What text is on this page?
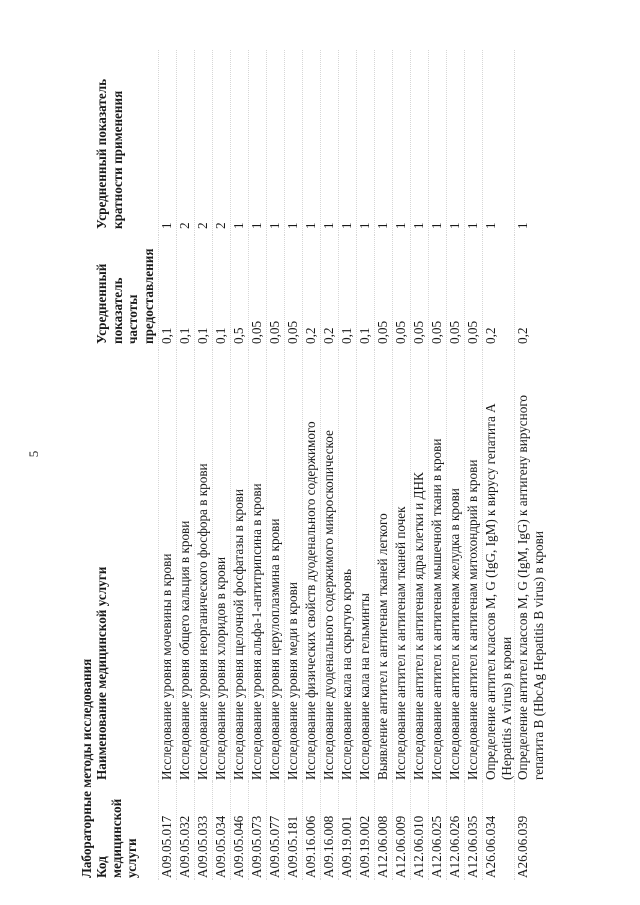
5
Лабораторные методы исследования Код медицинской услуги	Наименование медицинской услуги	Усредненный показатель частоты предоставления	Усредненный показатель кратности применения
A09.05.017	Исследование уровня мочевины в крови	0,1	1
A09.05.032	Исследование уровня общего кальция в крови	0,1	2
A09.05.033	Исследование уровня неорганического фосфора в крови	0,1	2
A09.05.034	Исследование уровня хлоридов в крови	0,1	2
A09.05.046	Исследование уровня щелочной фосфатазы в крови	0,5	1
A09.05.073	Исследование уровня альфа-1-антитрипсина в крови	0,05	1
A09.05.077	Исследование уровня церулоплазмина в крови	0,05	1
A09.05.181	Исследование уровня меди в крови	0,05	1
A09.16.006	Исследование физических свойств дуоденального содержимого	0,2	1
A09.16.008	Исследование дуоденального содержимого микроскопическое	0,2	1
A09.19.001	Исследование кала на скрытую кровь	0,1	1
A09.19.002	Исследование кала на гельминты	0,1	1
A12.06.008	Выявление антител к антигенам тканей легкого	0,05	1
A12.06.009	Исследование антител к антигенам тканей почек	0,05	1
A12.06.010	Исследование антител к антигенам ядра клетки и ДНК	0,05	1
A12.06.025	Исследование антител к антигенам мышечной ткани в крови	0,05	1
A12.06.026	Исследование антител к антигенам желудка в крови	0,05	1
A12.06.035	Исследование антител к антигенам митохондрий в крови	0,05	1
A26.06.034	Определение антител классов M, G (IgG, IgM) к вирусу гепатита A (Hepatitis A virus) в крови	0,2	1
A26.06.039	Определение антител классов M, G (IgM, IgG) к антигену вирусного гепатита B (HbcAg Hepatitis B virus) в крови	0,2	1
